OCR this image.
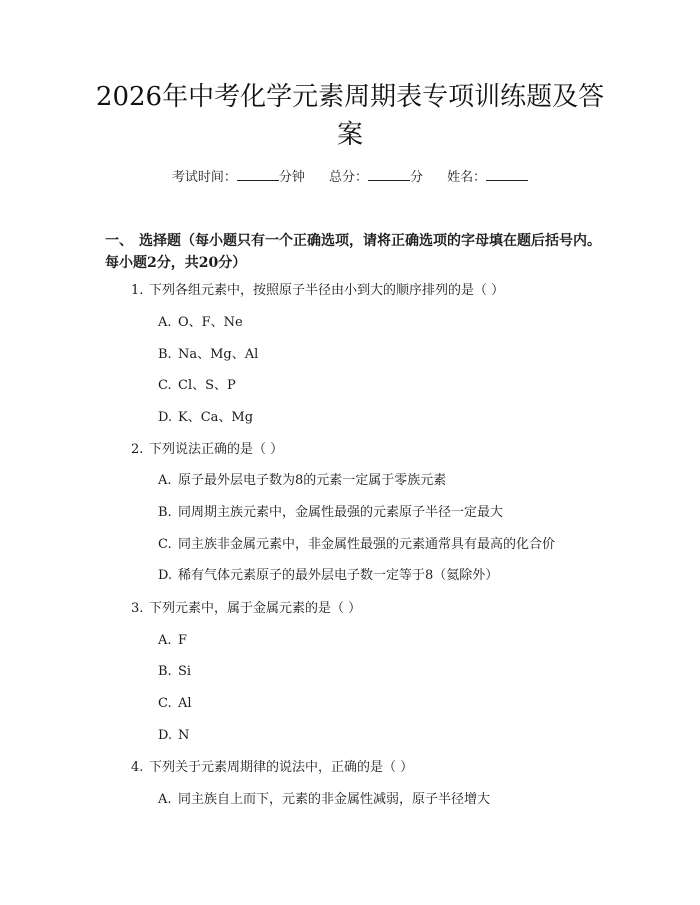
2026年中考化学元素周期表专项训练题及答案
考试时间：	分钟 总分：	分 姓名：
一、 选择题（每小题只有一个正确选项，请将正确选项的字母填在题后括号内。每小题2分，共20分）
1. 下列各组元素中，按照原子半径由小到大的顺序排列的是（ ）
A. O、F、Ne
B. Na、Mg、Al
C. Cl、S、P
D. K、Ca、Mg
2. 下列说法正确的是（ ）
A. 原子最外层电子数为8的元素一定属于零族元素
B. 同周期主族元素中，金属性最强的元素原子半径一定最大
C. 同主族非金属元素中，非金属性最强的元素通常具有最高的化合价
D. 稀有气体元素原子的最外层电子数一定等于8（氦除外）
3. 下列元素中，属于金属元素的是（ ）
A. F
B. Si
C. Al
D. N
4. 下列关于元素周期律的说法中，正确的是（ ）
A. 同主族自上而下，元素的非金属性减弱，原子半径增大
